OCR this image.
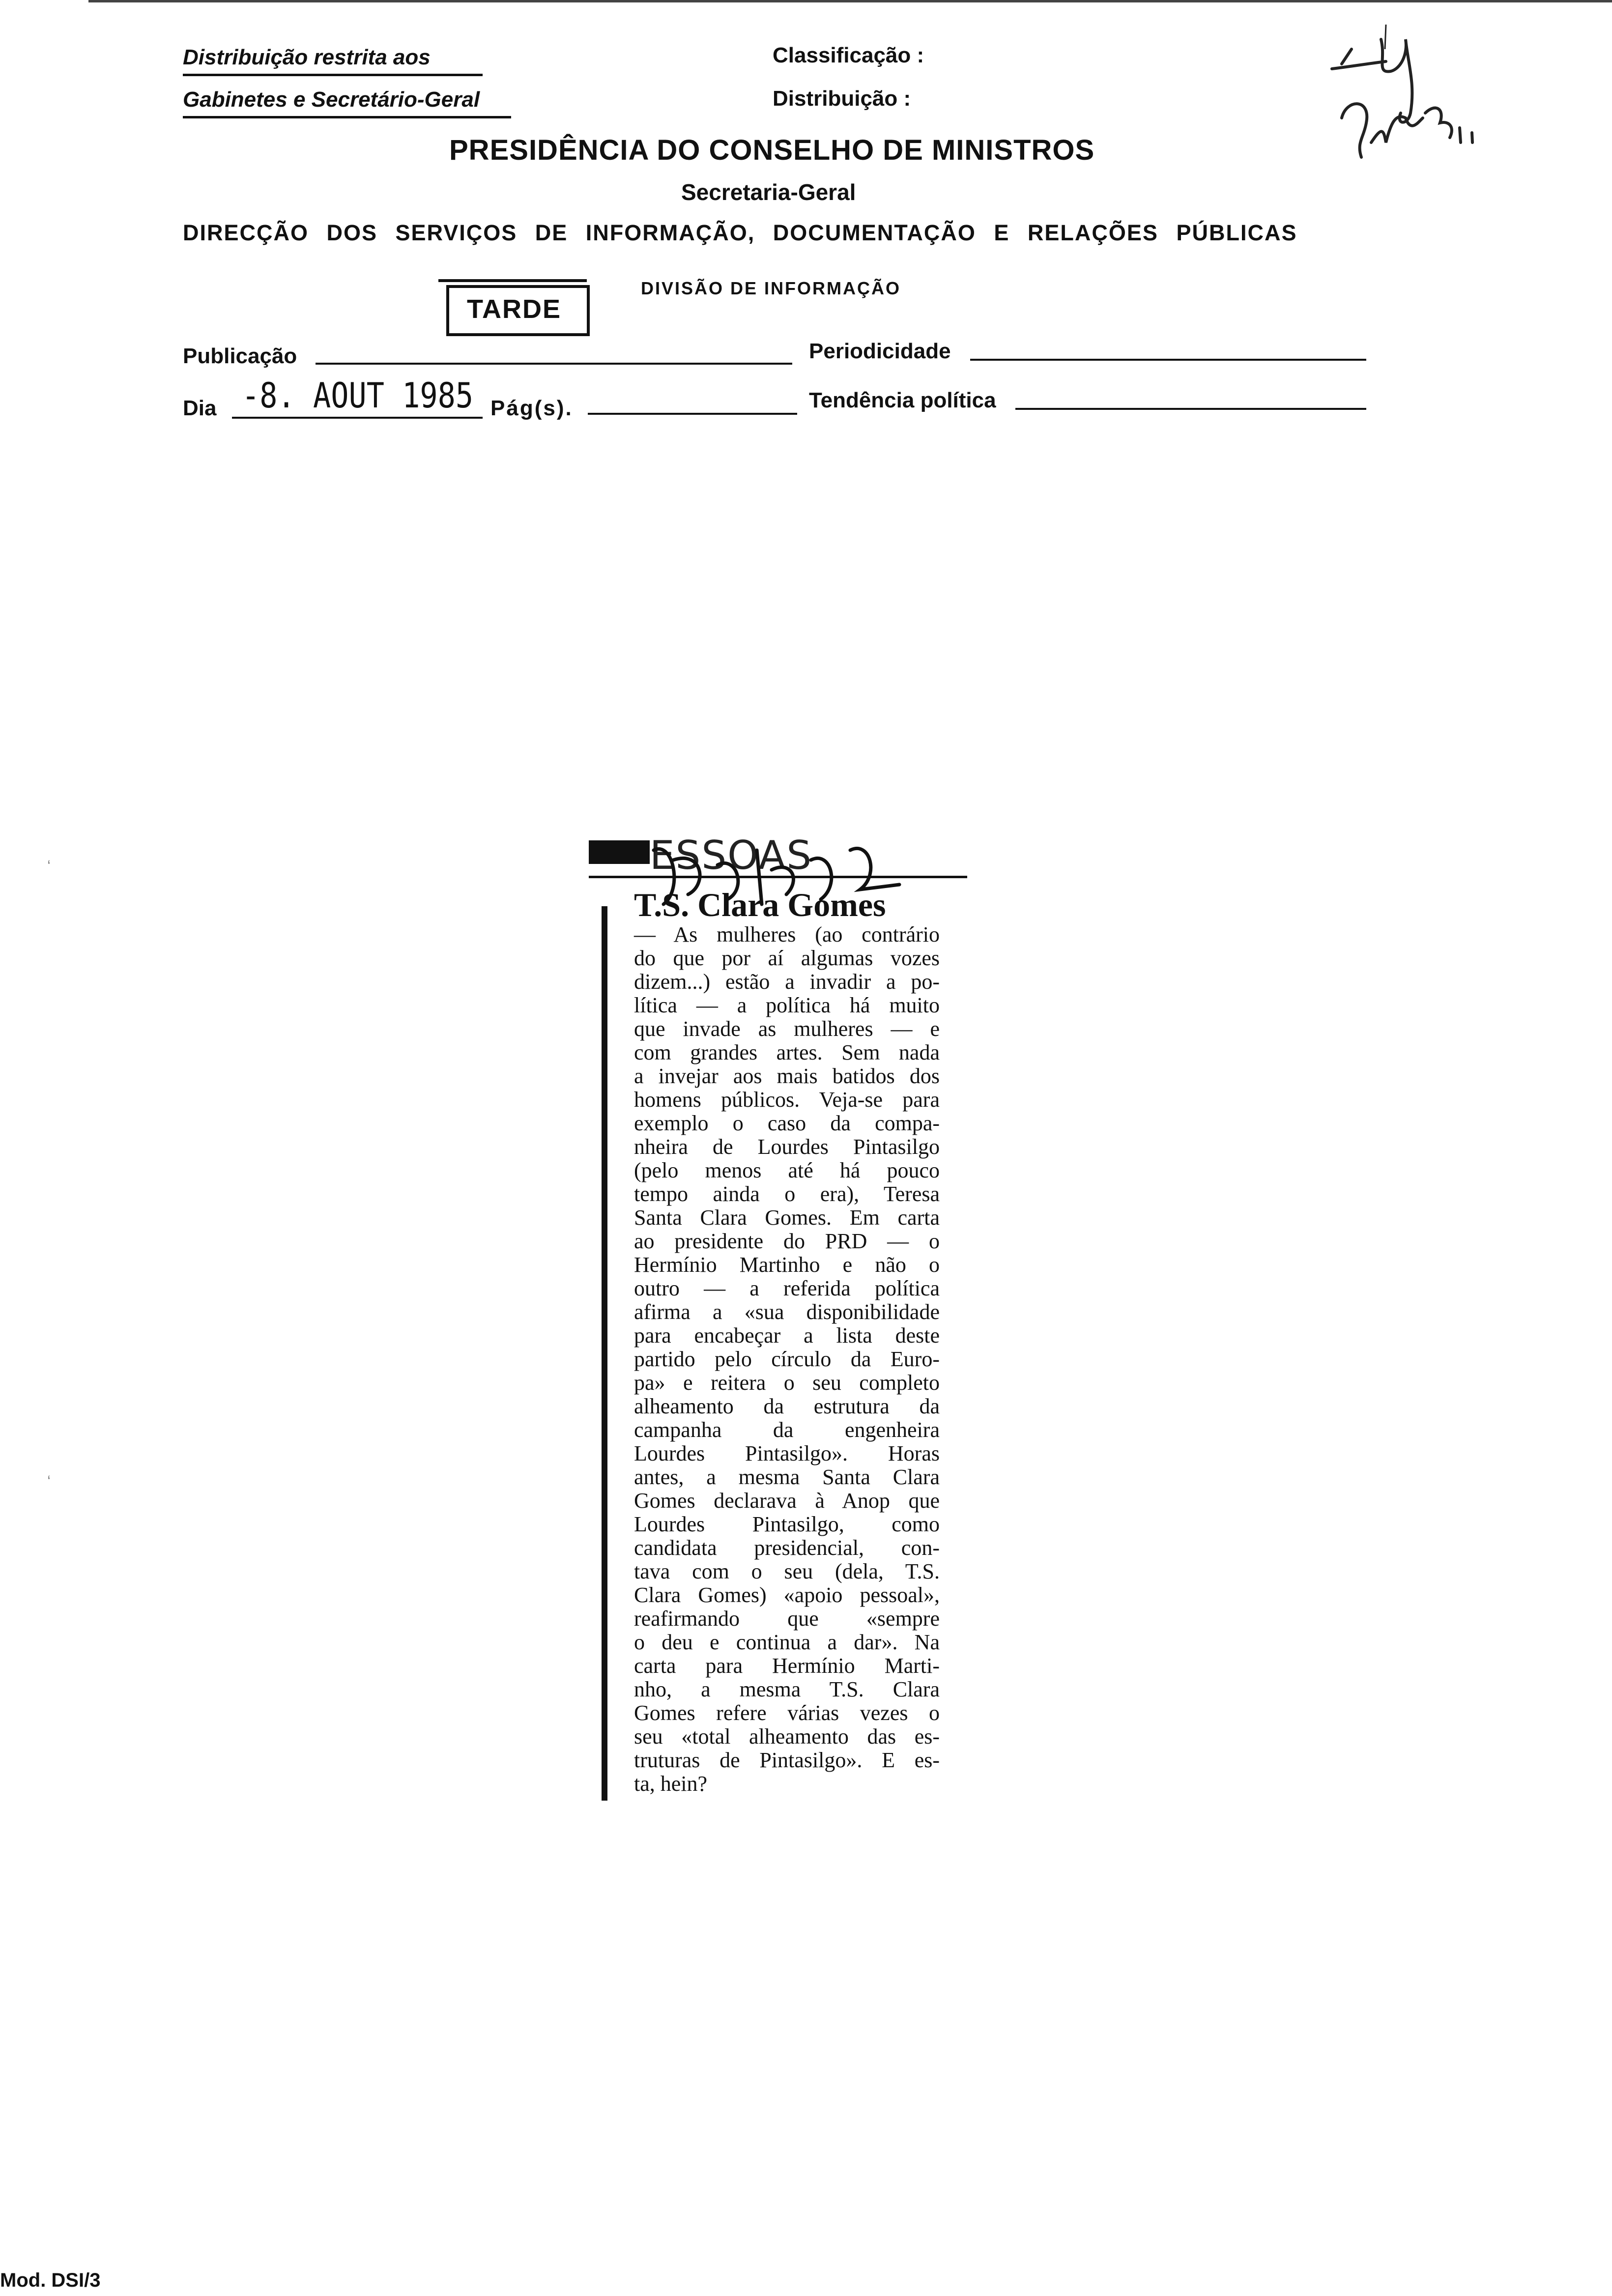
Distribuição restrita aos
Gabinetes e Secretário-Geral
Classificação :
Distribuição :
PRESIDÊNCIA DO CONSELHO DE MINISTROS
Secretaria-Geral
DIRECÇÃO DOS SERVIÇOS DE INFORMAÇÃO, DOCUMENTAÇÃO E RELAÇÕES PÚBLICAS
TARDE
DIVISÃO DE INFORMAÇÃO
Publicação	Periodicidade
Dia -8. AOUT 1985 Pág(s).	Tendência política
ESSOAS
T.S. Clara Gomes
— As mulheres (ao contrário
do que por aí algumas vozes
dizem...) estão a invadir a po-
lítica — a política há muito
que invade as mulheres — e
com grandes artes. Sem nada
a invejar aos mais batidos dos
homens públicos. Veja-se para
exemplo o caso da compa-
nheira de Lourdes Pintasilgo
(pelo menos até há pouco
tempo ainda o era), Teresa
Santa Clara Gomes. Em carta
ao presidente do PRD — o
Hermínio Martinho e não o
outro — a referida política
afirma a «sua disponibilidade
para encabeçar a lista deste
partido pelo círculo da Euro-
pa» e reitera o seu completo
alheamento da estrutura da
campanha da engenheira
Lourdes Pintasilgo». Horas
antes, a mesma Santa Clara
Gomes declarava à Anop que
Lourdes Pintasilgo, como
candidata presidencial, con-
tava com o seu (dela, T.S.
Clara Gomes) «apoio pessoal»,
reafirmando que «sempre
o deu e continua a dar». Na
carta para Hermínio Marti-
nho, a mesma T.S. Clara
Gomes refere várias vezes o
seu «total alheamento das es-
truturas de Pintasilgo». E es-
ta, hein?
‘
‘
Mod. DSI/3
